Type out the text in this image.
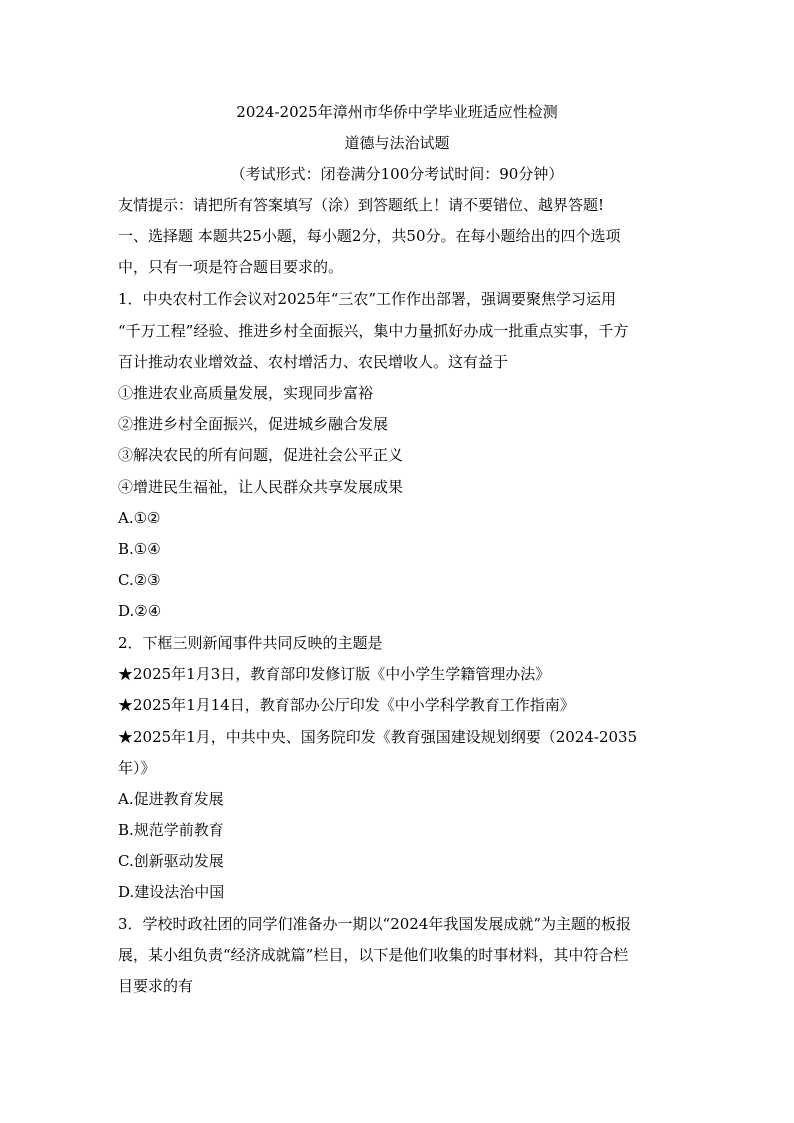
2024-2025年漳州市华侨中学毕业班适应性检测
道德与法治试题
（考试形式：闭卷满分100分考试时间：90分钟）
友情提示：请把所有答案填写（涂）到答题纸上！请不要错位、越界答题!
一、选择题 本题共25小题，每小题2分，共50分。在每小题给出的四个选项
中，只有一项是符合题目要求的。
1．中央农村工作会议对2025年“三农”工作作出部署，强调要聚焦学习运用
“千万工程”经验、推进乡村全面振兴，集中力量抓好办成一批重点实事，千方
百计推动农业增效益、农村增活力、农民增收人。这有益于
①推进农业高质量发展，实现同步富裕
②推进乡村全面振兴，促进城乡融合发展
③解决农民的所有问题，促进社会公平正义
④增进民生福祉，让人民群众共享发展成果
A.①②
B.①④
C.②③
D.②④
2．下框三则新闻事件共同反映的主题是
★2025年1月3日，教育部印发修订版《中小学生学籍管理办法》
★2025年1月14日，教育部办公厅印发《中小学科学教育工作指南》
★2025年1月，中共中央、国务院印发《教育强国建设规划纲要（2024-2035
年）》
A.促进教育发展
B.规范学前教育
C.创新驱动发展
D.建设法治中国
3．学校时政社团的同学们准备办一期以“2024年我国发展成就”为主题的板报
展，某小组负责“经济成就篇”栏目，以下是他们收集的时事材料，其中符合栏
目要求的有
